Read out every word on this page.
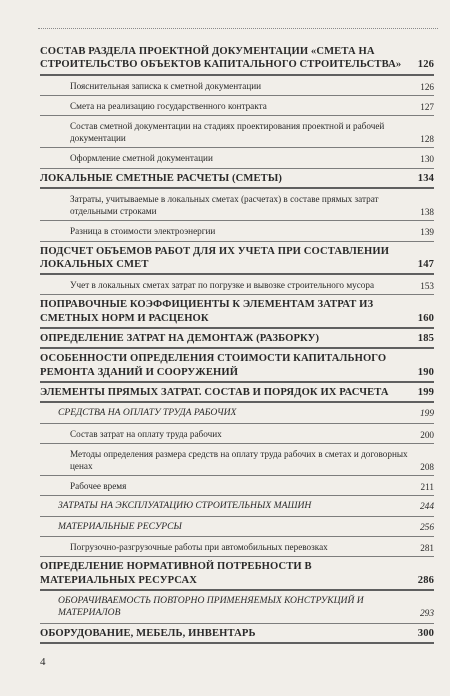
СОСТАВ РАЗДЕЛА ПРОЕКТНОЙ ДОКУМЕНТАЦИИ «СМЕТА НА СТРОИТЕЛЬСТВО ОБЪЕКТОВ КАПИТАЛЬНОГО СТРОИТЕЛЬСТВА»	126
Пояснительная записка к сметной документации	126
Смета на реализацию государственного контракта	127
Состав сметной документации на стадиях проектирования проектной и рабочей документации	128
Оформление сметной документации	130
ЛОКАЛЬНЫЕ СМЕТНЫЕ РАСЧЕТЫ (СМЕТЫ)	134
Затраты, учитываемые в локальных сметах (расчетах) в составе прямых затрат отдельными строками	138
Разница в стоимости электроэнергии	139
ПОДСЧЕТ ОБЪЕМОВ РАБОТ ДЛЯ ИХ УЧЕТА ПРИ СОСТАВЛЕНИИ ЛОКАЛЬНЫХ СМЕТ	147
Учет в локальных сметах затрат по погрузке и вывозке строительного мусора	153
ПОПРАВОЧНЫЕ КОЭФФИЦИЕНТЫ К ЭЛЕМЕНТАМ ЗАТРАТ ИЗ СМЕТНЫХ НОРМ И РАСЦЕНОК	160
ОПРЕДЕЛЕНИЕ ЗАТРАТ НА ДЕМОНТАЖ (РАЗБОРКУ)	185
ОСОБЕННОСТИ ОПРЕДЕЛЕНИЯ СТОИМОСТИ КАПИТАЛЬНОГО РЕМОНТА ЗДАНИЙ И СООРУЖЕНИЙ	190
ЭЛЕМЕНТЫ ПРЯМЫХ ЗАТРАТ. СОСТАВ И ПОРЯДОК ИХ РАСЧЕТА	199
СРЕДСТВА НА ОПЛАТУ ТРУДА РАБОЧИХ	199
Состав затрат на оплату труда рабочих	200
Методы определения размера средств на оплату труда рабочих в сметах и договорных ценах	208
Рабочее время	211
ЗАТРАТЫ НА ЭКСПЛУАТАЦИЮ СТРОИТЕЛЬНЫХ МАШИН	244
МАТЕРИАЛЬНЫЕ РЕСУРСЫ	256
Погрузочно-разгрузочные работы при автомобильных перевозках	281
ОПРЕДЕЛЕНИЕ НОРМАТИВНОЙ ПОТРЕБНОСТИ В МАТЕРИАЛЬНЫХ РЕСУРСАХ	286
ОБОРАЧИВАЕМОСТЬ ПОВТОРНО ПРИМЕНЯЕМЫХ КОНСТРУКЦИЙ И МАТЕРИАЛОВ	293
ОБОРУДОВАНИЕ, МЕБЕЛЬ, ИНВЕНТАРЬ	300
4
